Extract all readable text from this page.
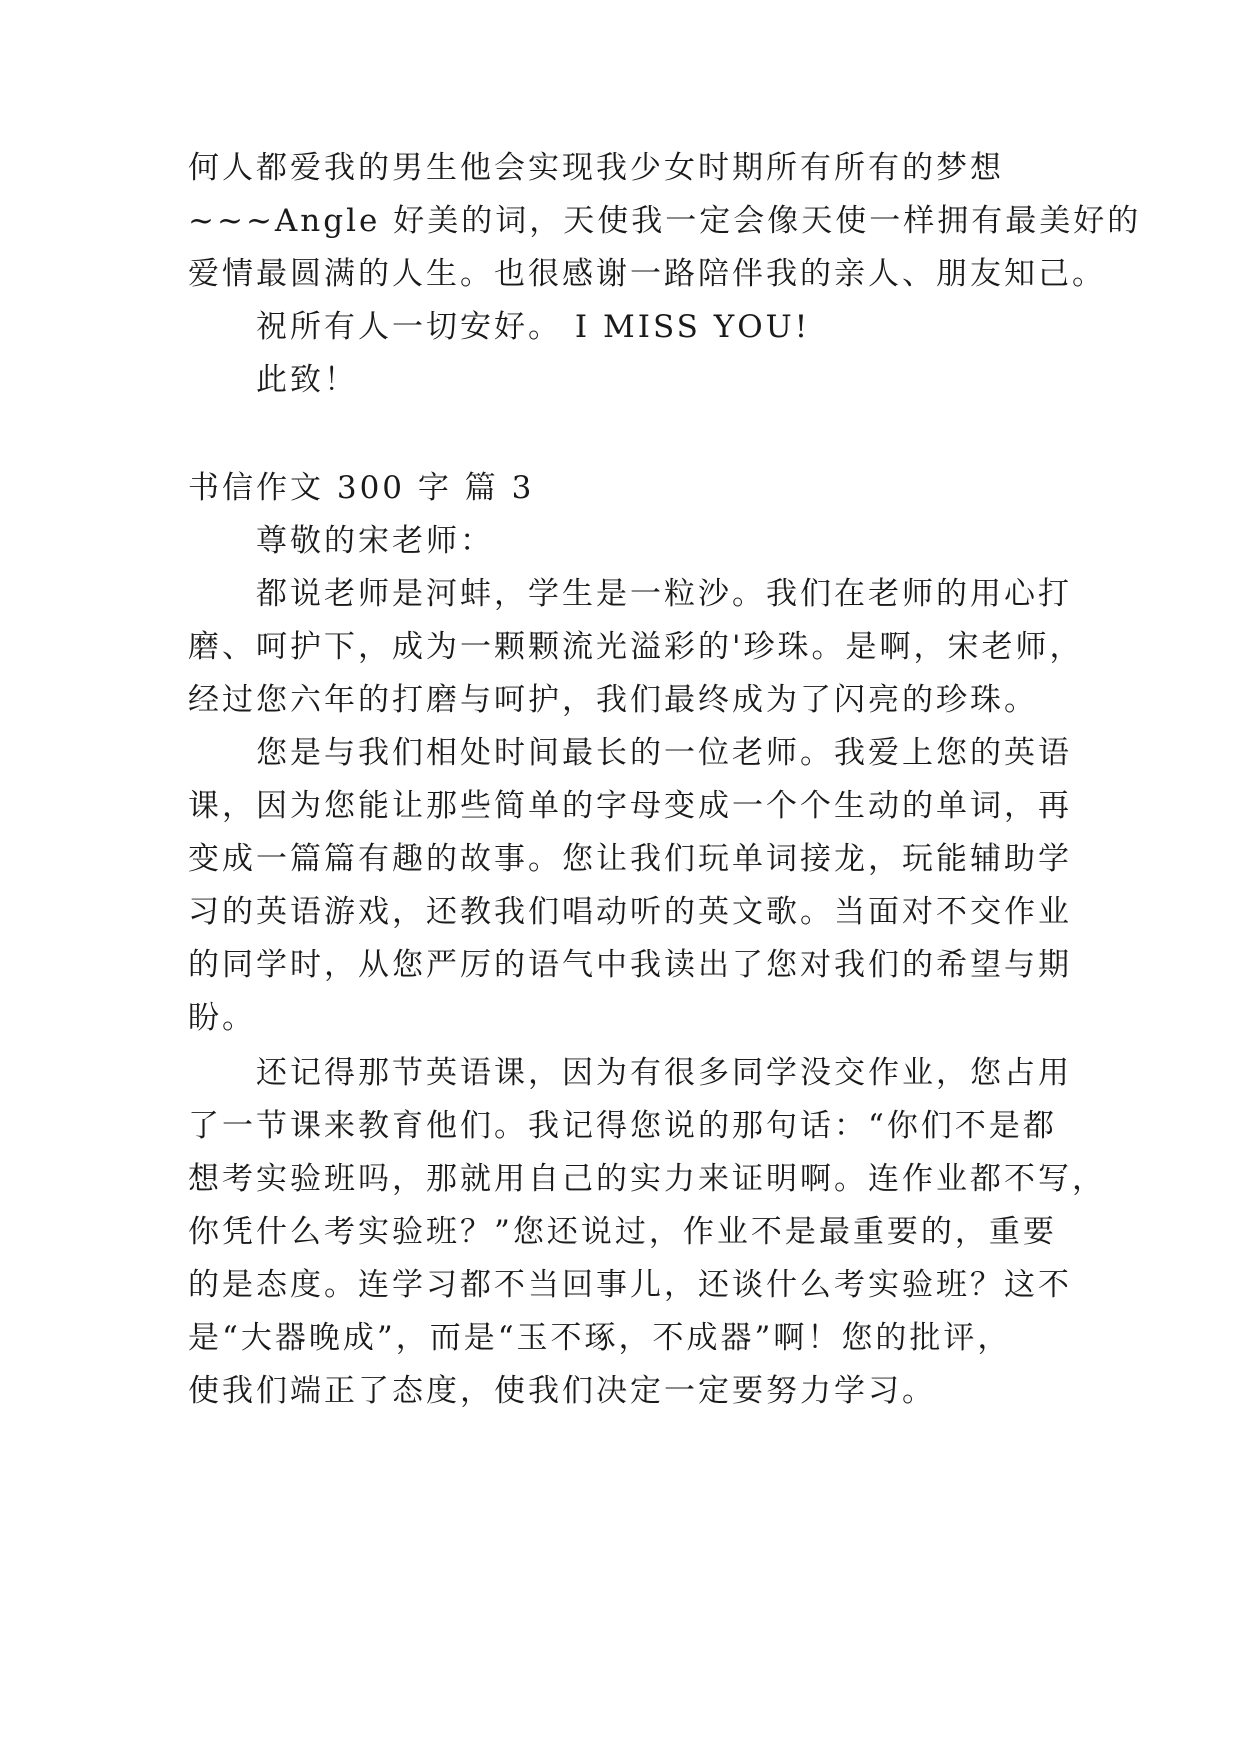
何人都爱我的男生他会实现我少女时期所有所有的梦想
~~~Angle 好美的词，天使我一定会像天使一样拥有最美好的
爱情最圆满的人生。也很感谢一路陪伴我的亲人、朋友知己。
祝所有人一切安好。 I MISS YOU!
此致！
书信作文 300 字 篇 3
尊敬的宋老师：
都说老师是河蚌，学生是一粒沙。我们在老师的用心打
磨、呵护下，成为一颗颗流光溢彩的'珍珠。是啊，宋老师，
经过您六年的打磨与呵护，我们最终成为了闪亮的珍珠。
您是与我们相处时间最长的一位老师。我爱上您的英语
课，因为您能让那些简单的字母变成一个个生动的单词，再
变成一篇篇有趣的故事。您让我们玩单词接龙，玩能辅助学
习的英语游戏，还教我们唱动听的英文歌。当面对不交作业
的同学时，从您严厉的语气中我读出了您对我们的希望与期
盼。
还记得那节英语课，因为有很多同学没交作业，您占用
了一节课来教育他们。我记得您说的那句话：“你们不是都
想考实验班吗，那就用自己的实力来证明啊。连作业都不写，
你凭什么考实验班？”您还说过，作业不是最重要的，重要
的是态度。连学习都不当回事儿，还谈什么考实验班？这不
是“大器晚成”，而是“玉不琢，不成器”啊！您的批评，
使我们端正了态度，使我们决定一定要努力学习。
